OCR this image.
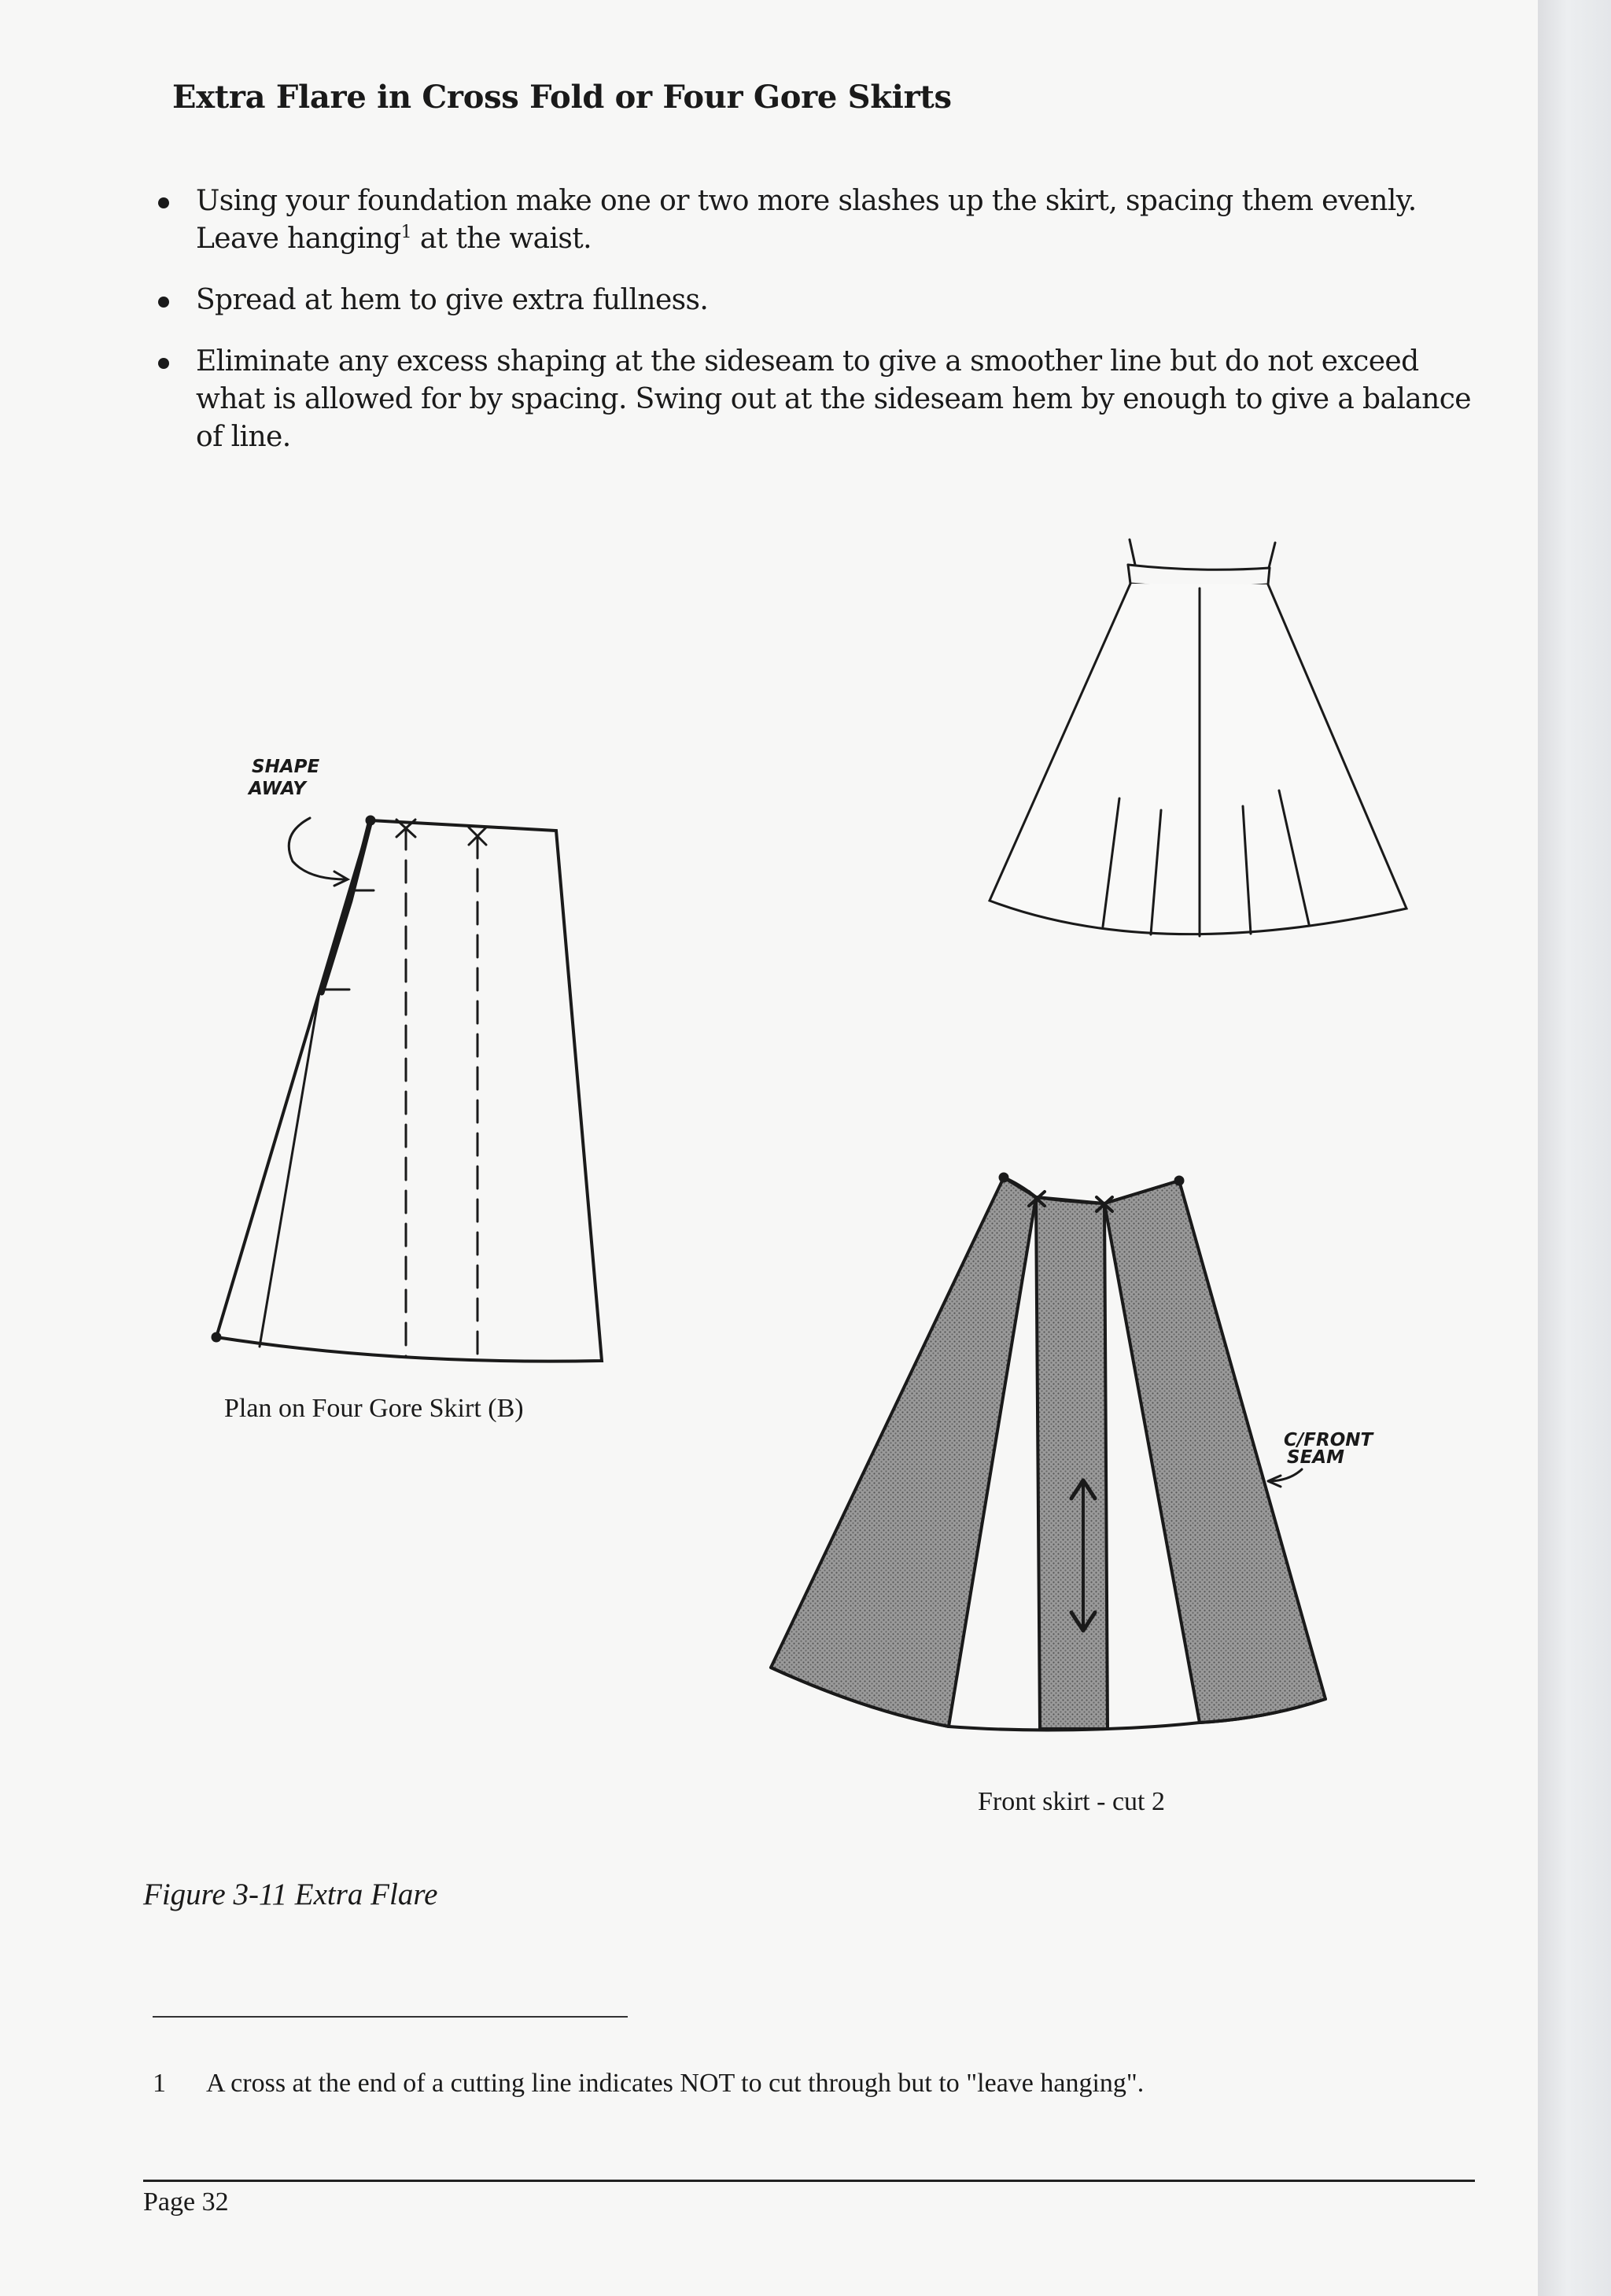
Extra Flare in Cross Fold or Four Gore Skirts
Using your foundation make one or two more slashes up the skirt, spacing them evenly. Leave hanging$^1$ at the waist.
Spread at hem to give extra fullness.
Eliminate any excess shaping at the sideseam to give a smoother line but do not exceed what is allowed for by spacing. Swing out at the sideseam hem by enough to give a balance of line.
SHAPE
AWAY
C/FRONT
SEAM
Plan on Four Gore Skirt (B)
Front skirt - cut 2
Figure 3-11 Extra Flare
1 A cross at the end of a cutting line indicates NOT to cut through but to "leave hanging".
Page 32
